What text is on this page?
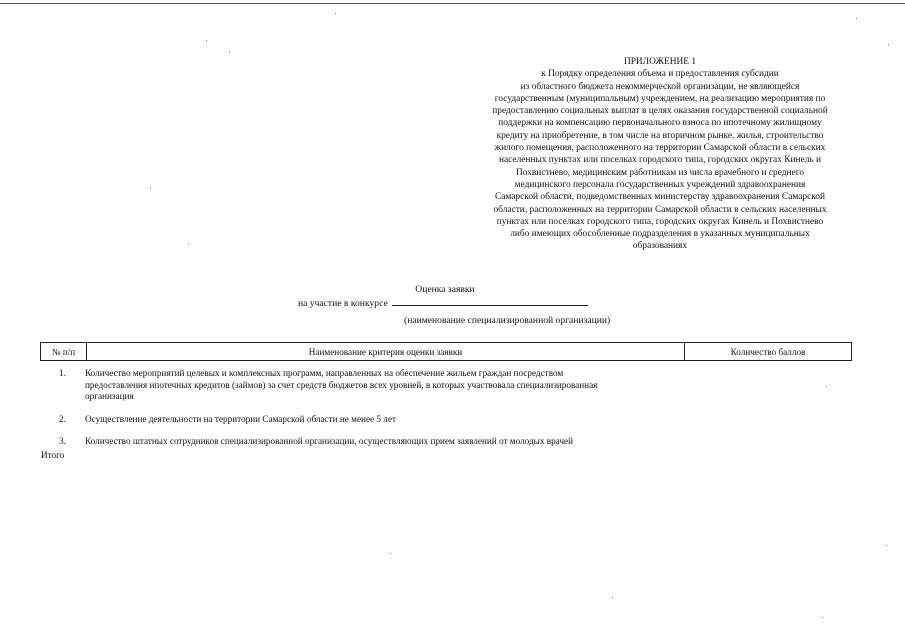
ПРИЛОЖЕНИЕ 1
к Порядку определения объема и предоставления субсидии
из областного бюджета некоммерческой организации, не являющейся
государственным (муниципальным) учреждением, на реализацию мероприятия по
предоставлению социальных выплат в целях оказания государственной социальной
поддержки на компенсацию первоначального взноса по ипотечному жилищному
кредиту на приобретение, в том числе на вторичном рынке, жилья, строительство
жилого помещения, расположенного на территории Самарской области в сельских
населенных пунктах или поселках городского типа, городских округах Кинель и
Похвистнево, медицинским работникам из числа врачебного и среднего
медицинского персонала государственных учреждений здравоохранения
Самарской области, подведомственных министерству здравоохранения Самарской
области, расположенных на территории Самарской области в сельских населенных
пунктах или поселках городского типа, городских округах Кинель и Похвистнево
либо имеющих обособленные подразделения в указанных муниципальных
образованиях
Оценка заявки
на участие в конкурсе
(наименование специализированной организации)
№ п/п	Наименование критерия оценки заявки	Количество баллов
1.	Количество мероприятий целевых и комплексных программ, направленных на обеспечение жильем граждан посредством
предоставления ипотечных кредитов (займов) за счет средств бюджетов всех уровней, в которых участвовала специализированная
организация
2.	Осуществление деятельности на территории Самарской области не менее 5 лет
3.	Количество штатных сотрудников специализированной организации, осуществляющих прием заявлений от молодых врачей
Итого
